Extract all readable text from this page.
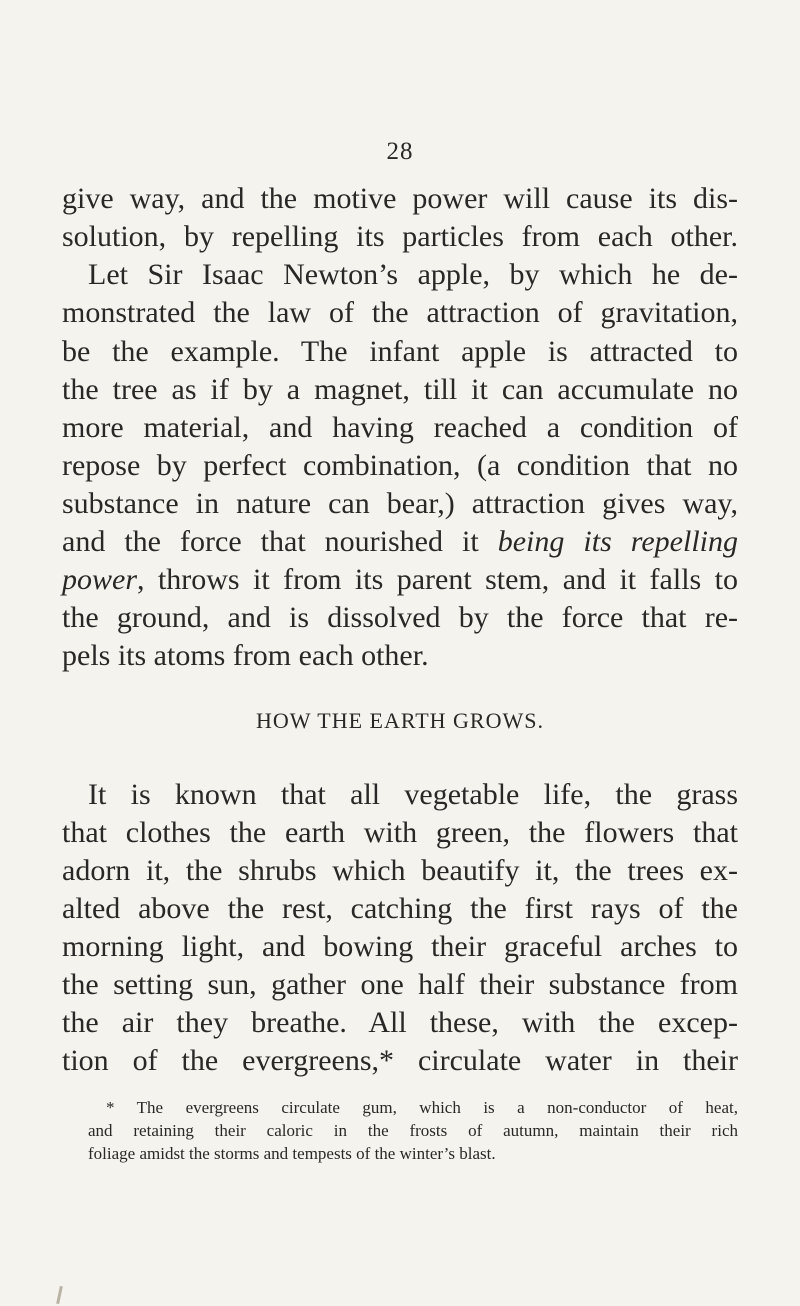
28
give way, and the motive power will cause its dis-
solution, by repelling its particles from each other.
Let Sir Isaac Newton’s apple, by which he de-
monstrated the law of the attraction of gravitation,
be the example. The infant apple is attracted to
the tree as if by a magnet, till it can accumulate no
more material, and having reached a condition of
repose by perfect combination, (a condition that no
substance in nature can bear,) attraction gives way,
and the force that nourished it being its repelling
power, throws it from its parent stem, and it falls to
the ground, and is dissolved by the force that re-
pels its atoms from each other.
HOW THE EARTH GROWS.
It is known that all vegetable life, the grass
that clothes the earth with green, the flowers that
adorn it, the shrubs which beautify it, the trees ex-
alted above the rest, catching the first rays of the
morning light, and bowing their graceful arches to
the setting sun, gather one half their substance from
the air they breathe. All these, with the excep-
tion of the evergreens,* circulate water in their
* The evergreens circulate gum, which is a non-conductor of heat,
and retaining their caloric in the frosts of autumn, maintain their rich
foliage amidst the storms and tempests of the winter’s blast.
